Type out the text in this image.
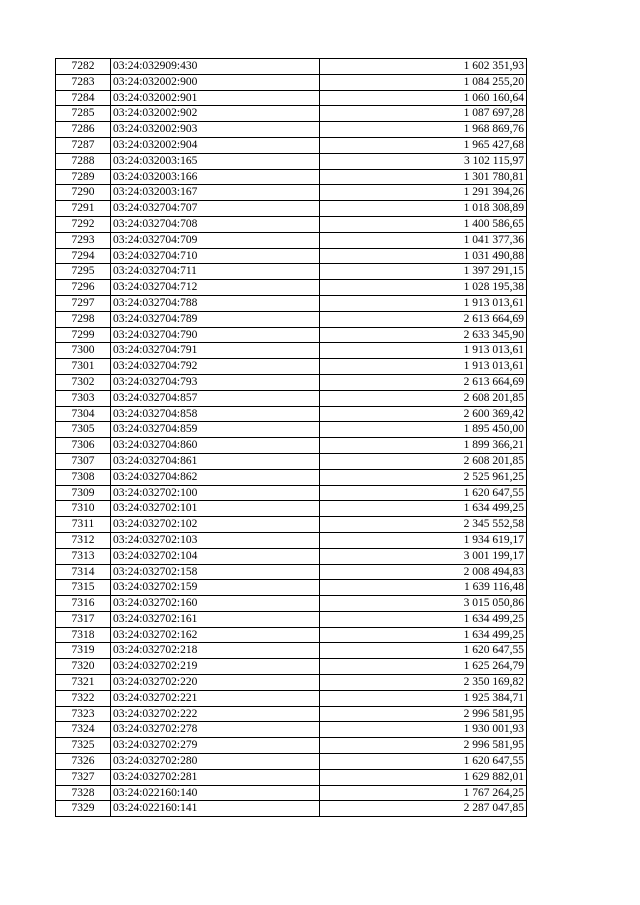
7282	03:24:032909:430	1 602 351,93
7283	03:24:032002:900	1 084 255,20
7284	03:24:032002:901	1 060 160,64
7285	03:24:032002:902	1 087 697,28
7286	03:24:032002:903	1 968 869,76
7287	03:24:032002:904	1 965 427,68
7288	03:24:032003:165	3 102 115,97
7289	03:24:032003:166	1 301 780,81
7290	03:24:032003:167	1 291 394,26
7291	03:24:032704:707	1 018 308,89
7292	03:24:032704:708	1 400 586,65
7293	03:24:032704:709	1 041 377,36
7294	03:24:032704:710	1 031 490,88
7295	03:24:032704:711	1 397 291,15
7296	03:24:032704:712	1 028 195,38
7297	03:24:032704:788	1 913 013,61
7298	03:24:032704:789	2 613 664,69
7299	03:24:032704:790	2 633 345,90
7300	03:24:032704:791	1 913 013,61
7301	03:24:032704:792	1 913 013,61
7302	03:24:032704:793	2 613 664,69
7303	03:24:032704:857	2 608 201,85
7304	03:24:032704:858	2 600 369,42
7305	03:24:032704:859	1 895 450,00
7306	03:24:032704:860	1 899 366,21
7307	03:24:032704:861	2 608 201,85
7308	03:24:032704:862	2 525 961,25
7309	03:24:032702:100	1 620 647,55
7310	03:24:032702:101	1 634 499,25
7311	03:24:032702:102	2 345 552,58
7312	03:24:032702:103	1 934 619,17
7313	03:24:032702:104	3 001 199,17
7314	03:24:032702:158	2 008 494,83
7315	03:24:032702:159	1 639 116,48
7316	03:24:032702:160	3 015 050,86
7317	03:24:032702:161	1 634 499,25
7318	03:24:032702:162	1 634 499,25
7319	03:24:032702:218	1 620 647,55
7320	03:24:032702:219	1 625 264,79
7321	03:24:032702:220	2 350 169,82
7322	03:24:032702:221	1 925 384,71
7323	03:24:032702:222	2 996 581,95
7324	03:24:032702:278	1 930 001,93
7325	03:24:032702:279	2 996 581,95
7326	03:24:032702:280	1 620 647,55
7327	03:24:032702:281	1 629 882,01
7328	03:24:022160:140	1 767 264,25
7329	03:24:022160:141	2 287 047,85
